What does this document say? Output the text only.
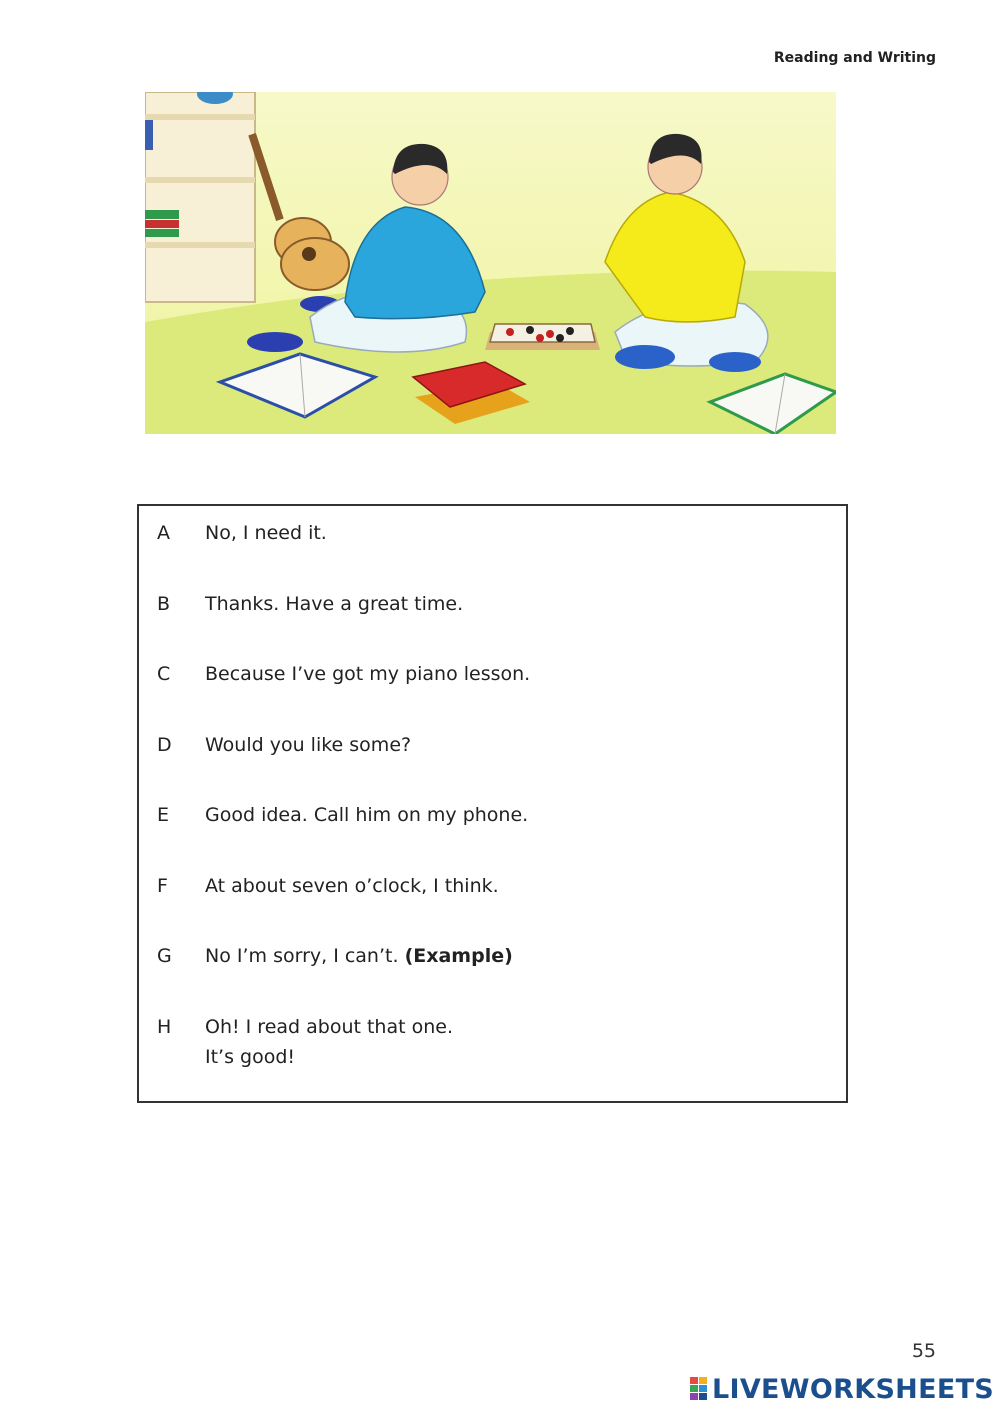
Reading and Writing
A No, I need it.
B Thanks. Have a great time.
C Because I’ve got my piano lesson.
D Would you like some?
E Good idea. Call him on my phone.
F At about seven o’clock, I think.
G No I’m sorry, I can’t. (Example)
H Oh! I read about that one.
It’s good!
55
LIVEWORKSHEETS
